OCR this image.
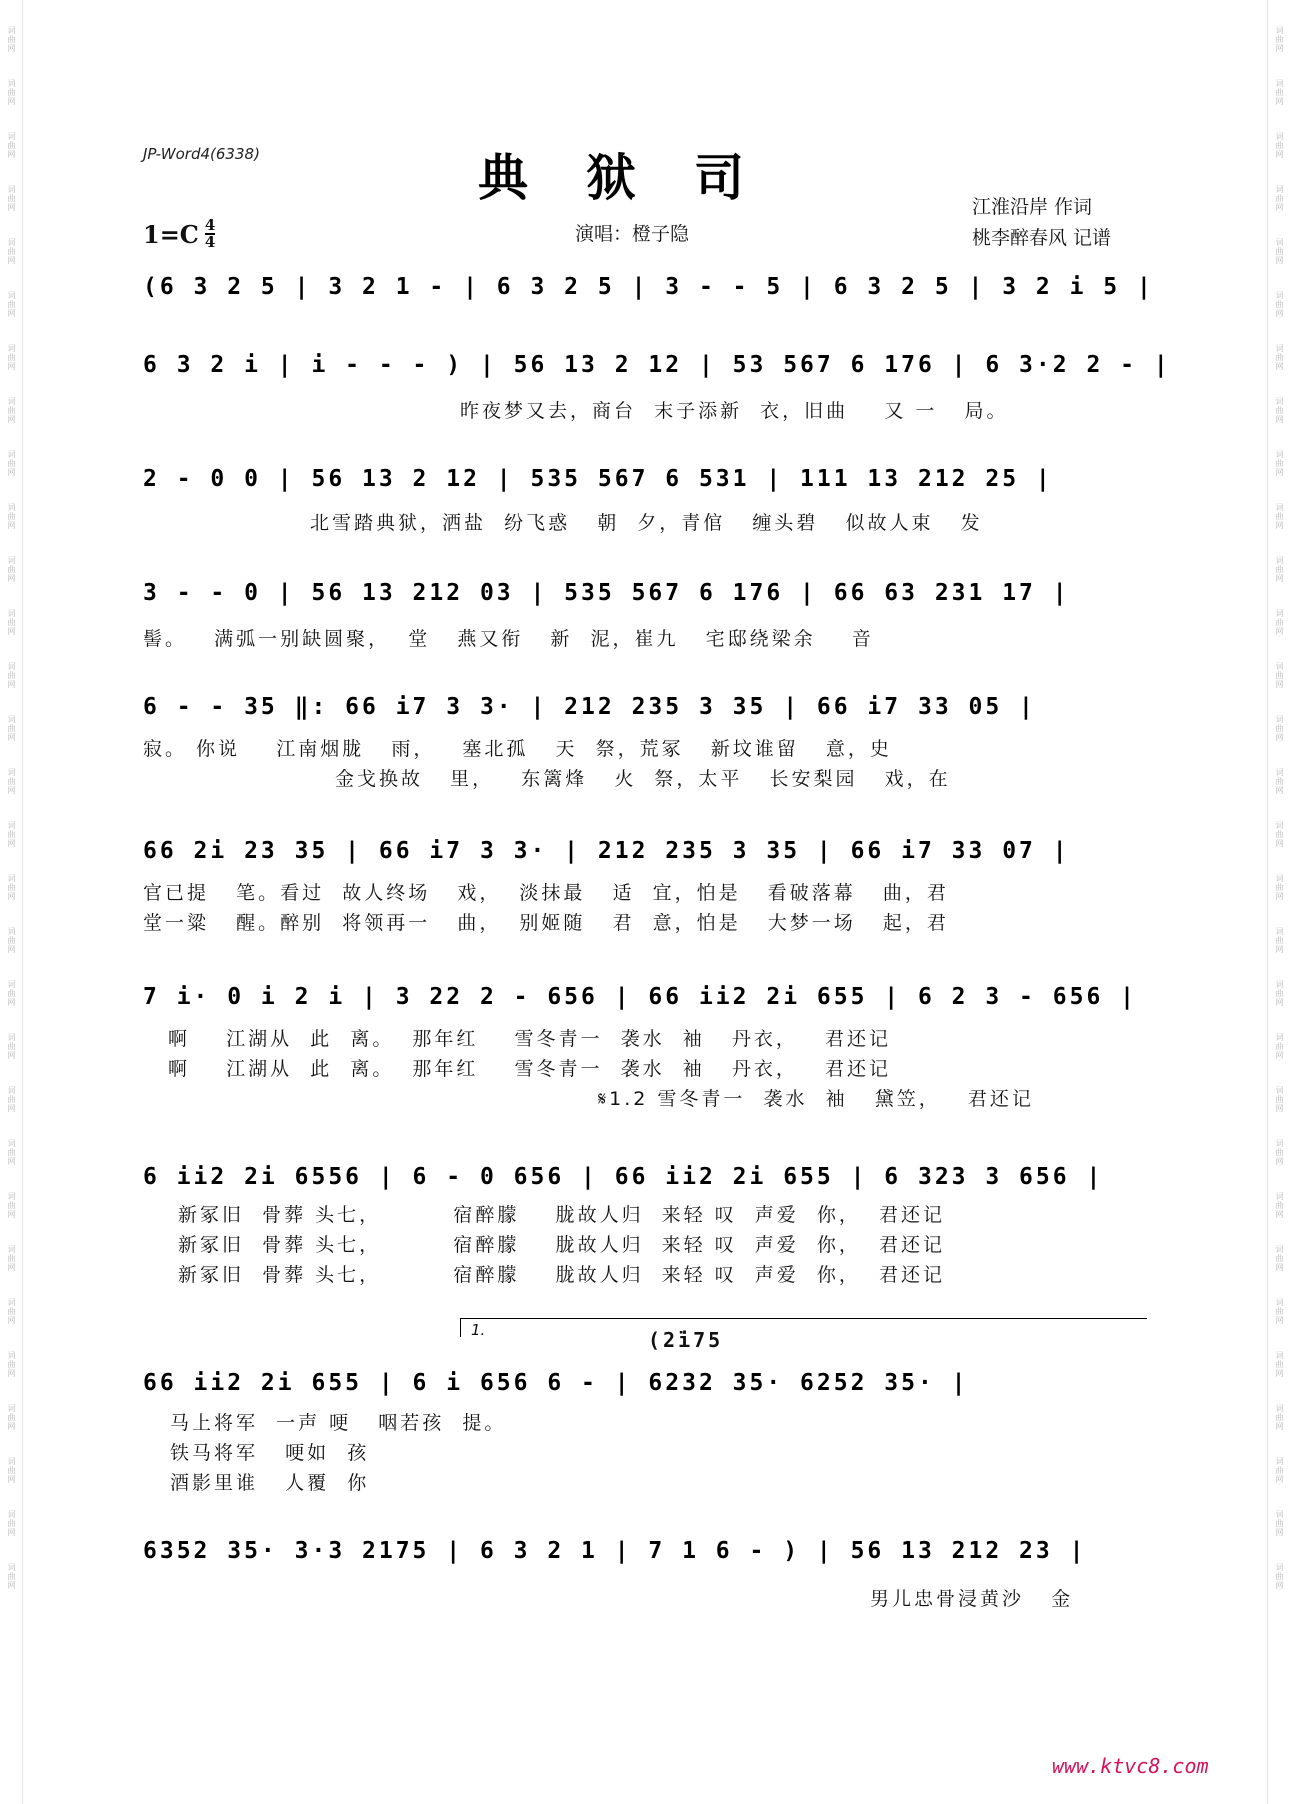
词曲网
词曲网
词曲网
词曲网
词曲网
词曲网
词曲网
词曲网
词曲网
词曲网
词曲网
词曲网
词曲网
词曲网
词曲网
词曲网
词曲网
词曲网
词曲网
词曲网
词曲网
词曲网
词曲网
词曲网
词曲网
词曲网
词曲网
词曲网
词曲网
词曲网
词曲网
词曲网
词曲网
词曲网
词曲网
词曲网
词曲网
词曲网
词曲网
词曲网
词曲网
词曲网
词曲网
词曲网
词曲网
词曲网
词曲网
词曲网
词曲网
词曲网
词曲网
词曲网
词曲网
词曲网
词曲网
词曲网
词曲网
词曲网
词曲网
词曲网
JP-Word4(6338)	典狱司
演唱：橙子隐
江淮沿岸 作词
桃李醉春风 记谱
1=C 4
4
(6 3 2 5 | 3 2 1 - | 6 3 2 5 | 3 - - 5 | 6 3 2 5 | 3 2 i 5 |
6 3 2 i | i - - - ) | 56 13 2 12 | 53 567 6 176 | 6 3·2 2 - |
昨夜梦又去，商台  末子添新  衣，旧曲    又 一   局。
2 - 0 0 | 56 13 2 12 | 535 567 6 531 | 111 13 212 25 |
北雪踏典狱，洒盐  纷飞惑   朝  夕，青倌   缠头碧   似故人束   发
3 - - 0 | 56 13 212 03 | 535 567 6 176 | 66 63 231 17 |
髻。   满弧一别缺圆聚，  堂   燕又衔   新  泥，崔九   宅邸绕梁余    音
6 - - 35 ‖: 66 i7 3 3· | 212 235 3 35 | 66 i7 33 05 |
寂。 你说    江南烟胧   雨，   塞北孤   天  祭，荒冢   新坟谁留   意，史
金戈换故   里，   东篱烽   火  祭，太平   长安梨园   戏，在
66 2i 23 35 | 66 i7 3 3· | 212 235 3 35 | 66 i7 33 07 |
官已提   笔。看过  故人终场   戏，  淡抹最   适  宜，怕是   看破落幕   曲，君
堂一粱   醒。醉别  将领再一   曲，  别姬随   君  意，怕是   大梦一场   起，君
7 i· 0 i 2 i | 3 22 2 - 656 | 66 ii2 2i 655 | 6 2 3 - 656 |
啊    江湖从  此  离。  那年红    雪冬青一  袭水  袖   丹衣，   君还记
啊    江湖从  此  离。  那年红    雪冬青一  袭水  袖   丹衣，   君还记
𝄋1.2 雪冬青一  袭水  袖   黛笠，   君还记
6 ii2 2i 6556 | 6 - 0 656 | 66 ii2 2i 655 | 6 323 3 656 |
新冢旧  骨葬 头七，        宿醉朦    胧故人归  来轻 叹  声爱  你，  君还记
新冢旧  骨葬 头七，        宿醉朦    胧故人归  来轻 叹  声爱  你，  君还记
新冢旧  骨葬 头七，        宿醉朦    胧故人归  来轻 叹  声爱  你，  君还记
1.	(2̇i75
66 ii2 2i 655 | 6 i 656 6 - | 6232 35· 6252 35· |
马上将军  一声 哽   咽若孩  提。
铁马将军   哽如  孩
酒影里谁   人覆  你
6352 35· 3·3 2175 | 6 3 2 1 | 7 1 6 - ) | 56 13 212 23 |
男儿忠骨浸黄沙   金
www.ktvc8.com
